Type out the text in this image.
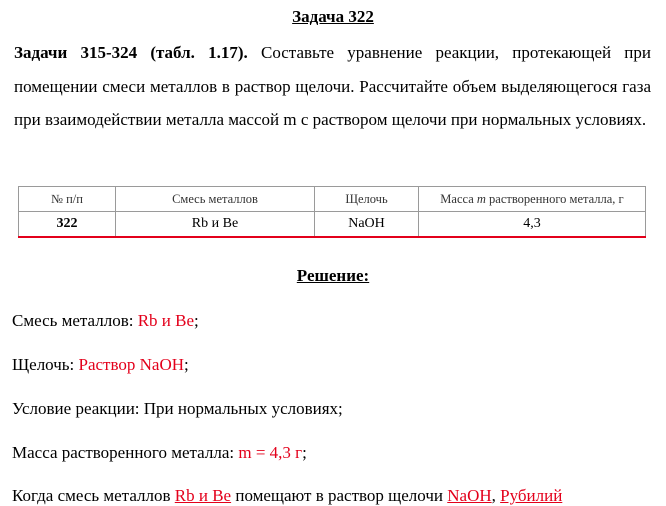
Задача 322
Задачи 315-324 (табл. 1.17). Составьте уравнение реакции, протекающей при помещении смеси металлов в раствор щелочи. Рассчитайте объем выделяющегося газа при взаимодействии металла массой m с раствором щелочи при нормальных условиях.
№ п/п	Смесь металлов	Щелочь	Масса m растворенного металла, г
322	Rb и Be	NaOH	4,3
Решение:
Смесь металлов: Rb и Be;
Щелочь: Раствор NaOH;
Условие реакции: При нормальных условиях;
Масса растворенного металла: m = 4,3 г;
Когда смесь металлов Rb и Be помещают в раствор щелочи NaOH, Рубилий
